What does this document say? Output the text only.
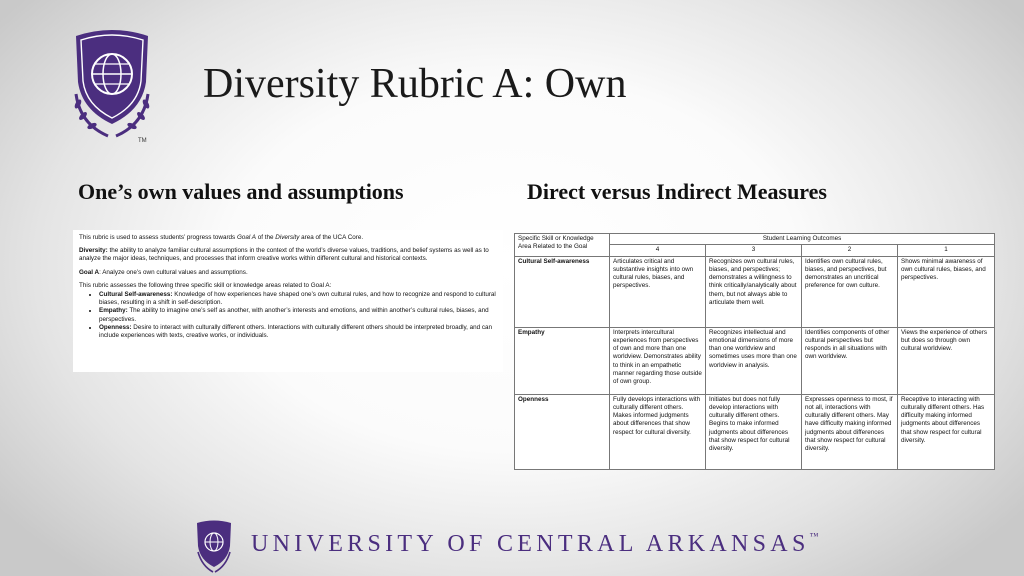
TM
Diversity Rubric A: Own
One’s own values and assumptions	Direct versus Indirect Measures

This rubric is used to assess students’ progress towards Goal A of the Diversity area of the UCA Core.

Diversity: the ability to analyze familiar cultural assumptions in the context of the world’s diverse values, traditions, and belief systems as well as to analyze the major ideas, techniques, and processes that inform creative works within different cultural and historical contexts.

Goal A: Analyze one’s own cultural values and assumptions.

This rubric assesses the following three specific skill or knowledge areas related to Goal A:

• Cultural Self-awareness: Knowledge of how experiences have shaped one’s own cultural rules, and how to recognize and respond to cultural biases, resulting in a shift in self-description.
• Empathy: The ability to imagine one’s self as another, with another’s interests and emotions, and within another’s cultural rules, biases, and perspectives.
• Openness: Desire to interact with culturally different others. Interactions with culturally different others should be interpreted broadly, and can include experiences with texts, creative works, or individuals.
Specific Skill or Knowledge Area Related to the Goal	Student Learning Outcomes			
	4	3	2	1
Cultural Self-awareness	Articulates critical and substantive insights into own cultural rules, biases, and perspectives.	Recognizes own cultural rules, biases, and perspectives; demonstrates a willingness to think critically/analytically about them, but not always able to articulate them well.	Identifies own cultural rules, biases, and perspectives, but demonstrates an uncritical preference for own culture.	Shows minimal awareness of own cultural rules, biases, and perspectives.
Empathy	Interprets intercultural experiences from perspectives of own and more than one worldview. Demonstrates ability to think in an empathetic manner regarding those outside of own group.	Recognizes intellectual and emotional dimensions of more than one worldview and sometimes uses more than one worldview in analysis.	Identifies components of other cultural perspectives but responds in all situations with own worldview.	Views the experience of others but does so through own cultural worldview.
Openness	Fully develops interactions with culturally different others. Makes informed judgments about differences that show respect for cultural diversity.	Initiates but does not fully develop interactions with culturally different others. Begins to make informed judgments about differences that show respect for cultural diversity.	Expresses openness to most, if not all, interactions with culturally different others. May have difficulty making informed judgments about differences that show respect for cultural diversity.	Receptive to interacting with culturally different others. Has difficulty making informed judgments about differences that show respect for cultural diversity.
UNIVERSITY OF CENTRAL ARKANSAS™
